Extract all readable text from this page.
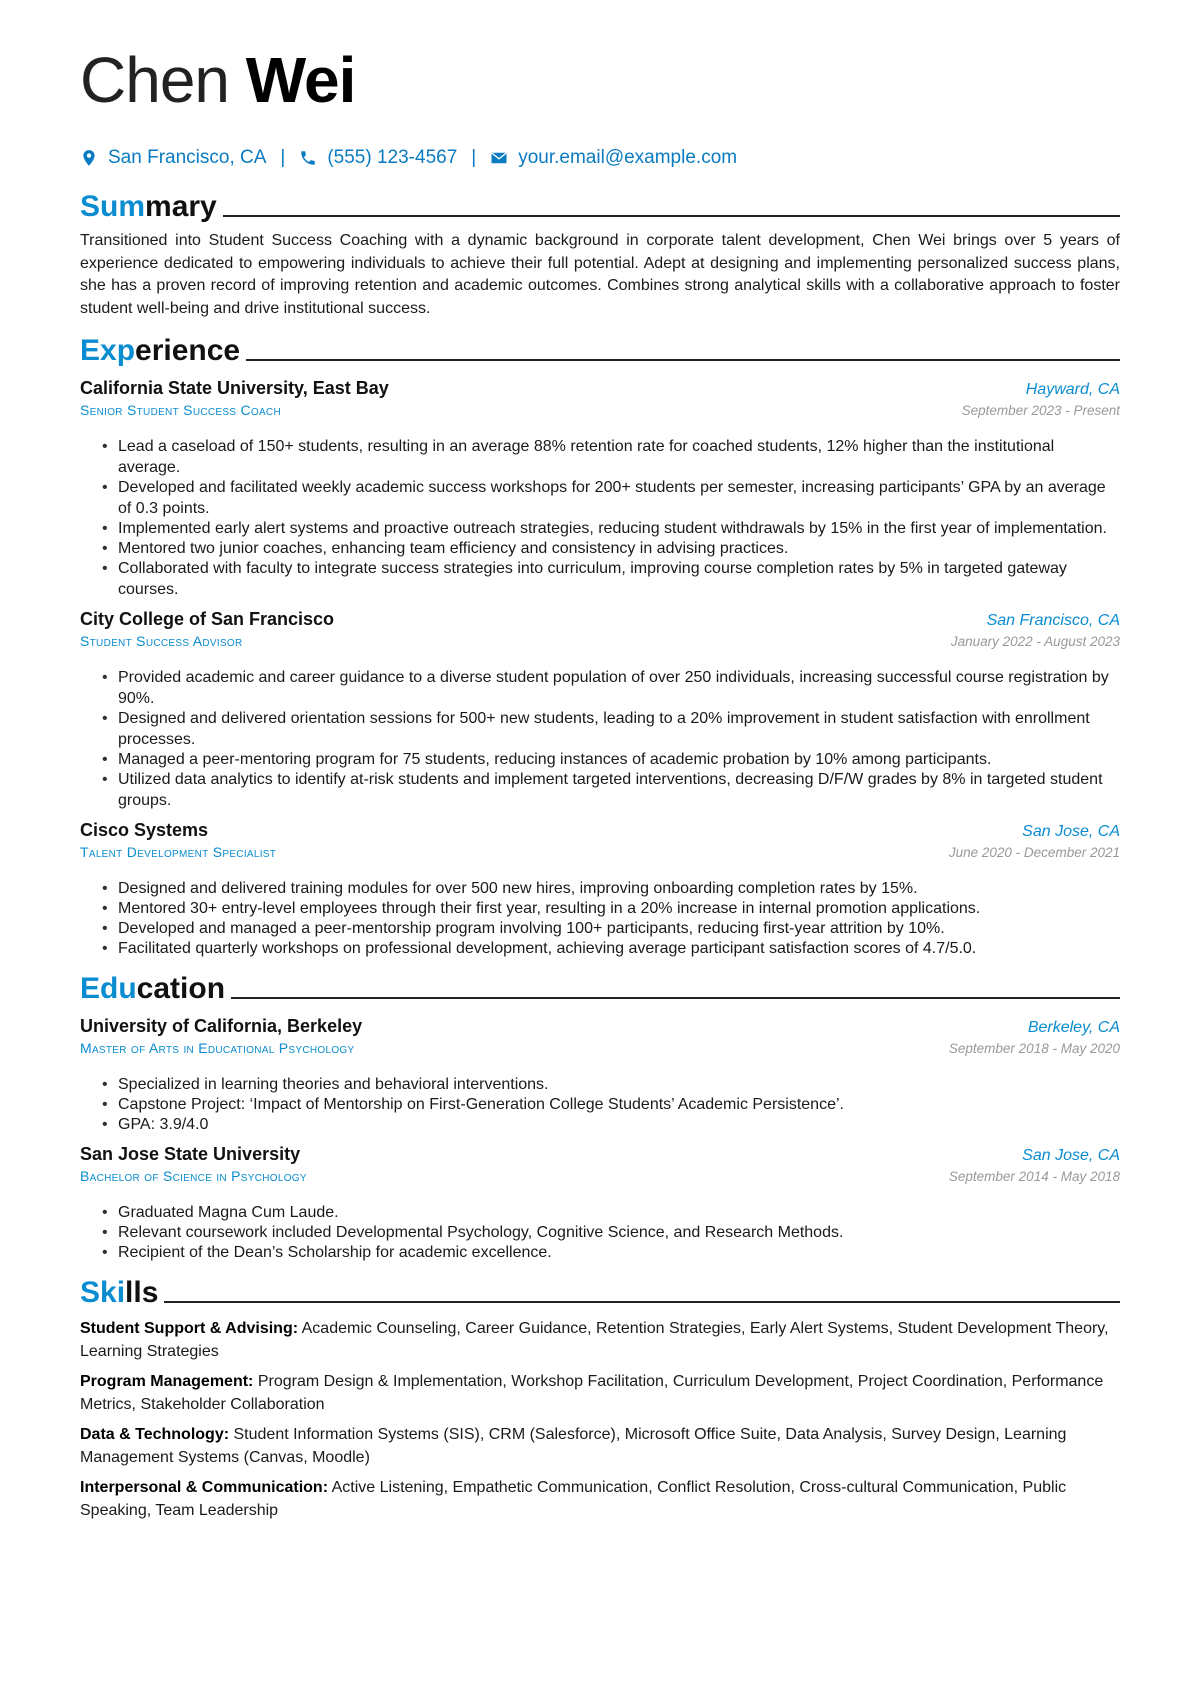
Chen Wei
San Francisco, CA | (555) 123-4567 | your.email@example.com
Sum mary
Transitioned into Student Success Coaching with a dynamic background in corporate talent development, Chen Wei brings over 5 years of experience dedicated to empowering individuals to achieve their full potential. Adept at designing and implementing personalized success plans, she has a proven record of improving retention and academic outcomes. Combines strong analytical skills with a collaborative approach to foster student well-being and drive institutional success.
Exp erience
California State University, East Bay	Hayward, CA
Senior Student Success Coach	September 2023 - Present
• Lead a caseload of 150+ students, resulting in an average 88% retention rate for coached students, 12% higher than the institutional average.
• Developed and facilitated weekly academic success workshops for 200+ students per semester, increasing participants’ GPA by an average of 0.3 points.
• Implemented early alert systems and proactive outreach strategies, reducing student withdrawals by 15% in the first year of implementation.
• Mentored two junior coaches, enhancing team efficiency and consistency in advising practices.
• Collaborated with faculty to integrate success strategies into curriculum, improving course completion rates by 5% in targeted gateway courses.
City College of San Francisco	San Francisco, CA
Student Success Advisor	January 2022 - August 2023
• Provided academic and career guidance to a diverse student population of over 250 individuals, increasing successful course registration by 90%.
• Designed and delivered orientation sessions for 500+ new students, leading to a 20% improvement in student satisfaction with enrollment processes.
• Managed a peer-mentoring program for 75 students, reducing instances of academic probation by 10% among participants.
• Utilized data analytics to identify at-risk students and implement targeted interventions, decreasing D/F/W grades by 8% in targeted student groups.
Cisco Systems	San Jose, CA
Talent Development Specialist	June 2020 - December 2021
• Designed and delivered training modules for over 500 new hires, improving onboarding completion rates by 15%.
• Mentored 30+ entry-level employees through their first year, resulting in a 20% increase in internal promotion applications.
• Developed and managed a peer-mentorship program involving 100+ participants, reducing first-year attrition by 10%.
• Facilitated quarterly workshops on professional development, achieving average participant satisfaction scores of 4.7/5.0.
Edu cation
University of California, Berkeley	Berkeley, CA
Master of Arts in Educational Psychology	September 2018 - May 2020
• Specialized in learning theories and behavioral interventions.
• Capstone Project: ‘Impact of Mentorship on First-Generation College Students’ Academic Persistence’.
• GPA: 3.9/4.0
San Jose State University	San Jose, CA
Bachelor of Science in Psychology	September 2014 - May 2018
• Graduated Magna Cum Laude.
• Relevant coursework included Developmental Psychology, Cognitive Science, and Research Methods.
• Recipient of the Dean’s Scholarship for academic excellence.
Ski lls
Student Support & Advising: Academic Counseling, Career Guidance, Retention Strategies, Early Alert Systems, Student Development Theory, Learning Strategies
Program Management: Program Design & Implementation, Workshop Facilitation, Curriculum Development, Project Coordination, Performance Metrics, Stakeholder Collaboration
Data & Technology: Student Information Systems (SIS), CRM (Salesforce), Microsoft Office Suite, Data Analysis, Survey Design, Learning Management Systems (Canvas, Moodle)
Interpersonal & Communication: Active Listening, Empathetic Communication, Conflict Resolution, Cross-cultural Communication, Public Speaking, Team Leadership
